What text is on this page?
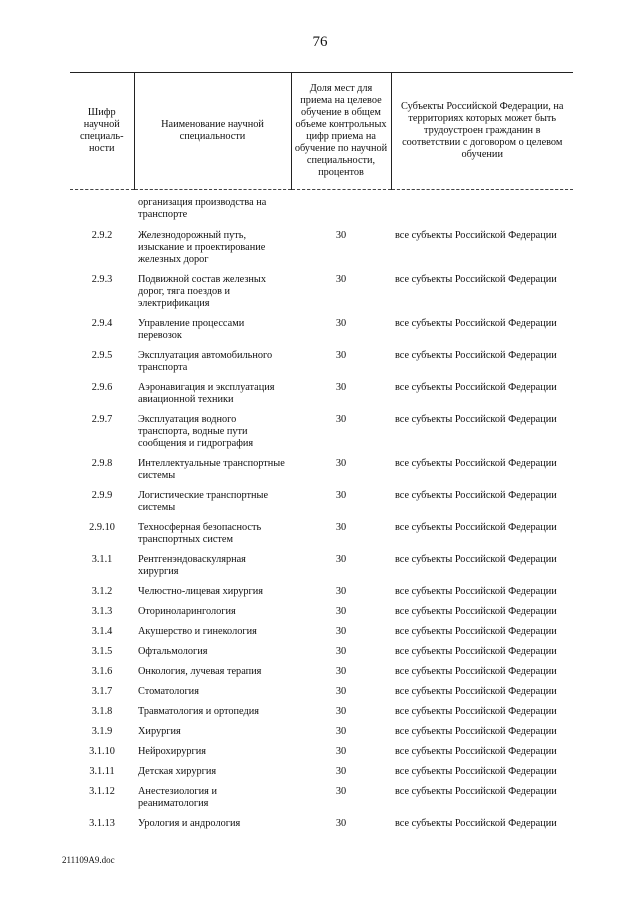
76
Шифр научной специаль-ности	Наименование научной специальности	Доля мест для приема на целевое обучение в общем объеме контрольных цифр приема на обучение по научной специальности, процентов	Субъекты Российской Федерации, на территориях которых может быть трудоустроен гражданин в соответствии с договором о целевом обучении
	организация производства на транспорте		
2.9.2	Железнодорожный путь, изыскание и проектирование железных дорог	30	все субъекты Российской Федерации
2.9.3	Подвижной состав железных дорог, тяга поездов и электрификация	30	все субъекты Российской Федерации
2.9.4	Управление процессами перевозок	30	все субъекты Российской Федерации
2.9.5	Эксплуатация автомобильного транспорта	30	все субъекты Российской Федерации
2.9.6	Аэронавигация и эксплуатация авиационной техники	30	все субъекты Российской Федерации
2.9.7	Эксплуатация водного транспорта, водные пути сообщения и гидрография	30	все субъекты Российской Федерации
2.9.8	Интеллектуальные транспортные системы	30	все субъекты Российской Федерации
2.9.9	Логистические транспортные системы	30	все субъекты Российской Федерации
2.9.10	Техносферная безопасность транспортных систем	30	все субъекты Российской Федерации
3.1.1	Рентгенэндоваскулярная хирургия	30	все субъекты Российской Федерации
3.1.2	Челюстно-лицевая хирургия	30	все субъекты Российской Федерации
3.1.3	Оториноларингология	30	все субъекты Российской Федерации
3.1.4	Акушерство и гинекология	30	все субъекты Российской Федерации
3.1.5	Офтальмология	30	все субъекты Российской Федерации
3.1.6	Онкология, лучевая терапия	30	все субъекты Российской Федерации
3.1.7	Стоматология	30	все субъекты Российской Федерации
3.1.8	Травматология и ортопедия	30	все субъекты Российской Федерации
3.1.9	Хирургия	30	все субъекты Российской Федерации
3.1.10	Нейрохирургия	30	все субъекты Российской Федерации
3.1.11	Детская хирургия	30	все субъекты Российской Федерации
3.1.12	Анестезиология и реаниматология	30	все субъекты Российской Федерации
3.1.13	Урология и андрология	30	все субъекты Российской Федерации
211109A9.doc
